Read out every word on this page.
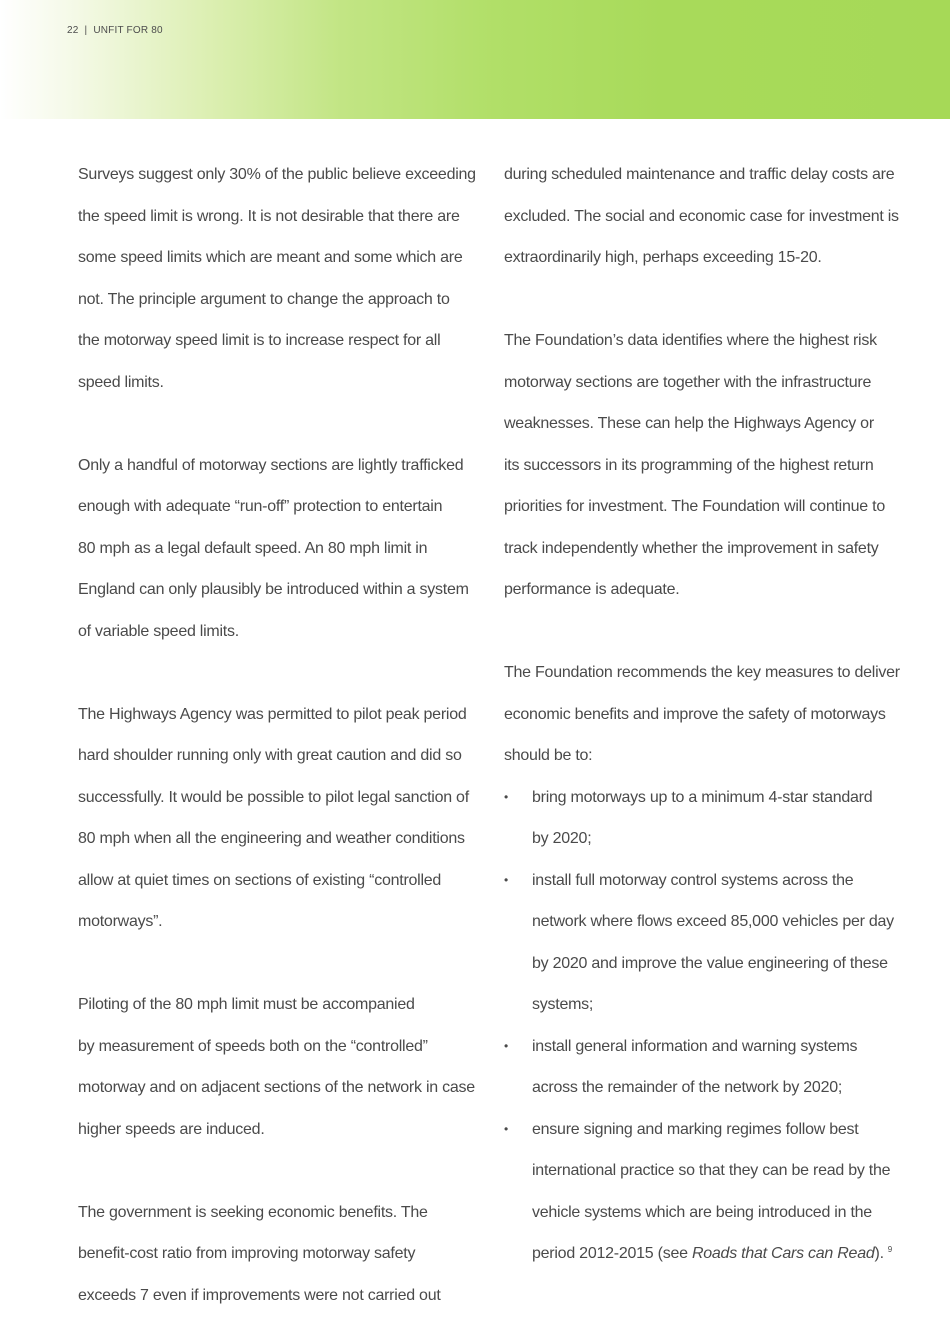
22 | UNFIT FOR 80
Surveys suggest only 30% of the public believe exceeding
the speed limit is wrong. It is not desirable that there are
some speed limits which are meant and some which are
not. The principle argument to change the approach to
the motorway speed limit is to increase respect for all
speed limits.
Only a handful of motorway sections are lightly trafficked
enough with adequate “run-off” protection to entertain
80 mph as a legal default speed. An 80 mph limit in
England can only plausibly be introduced within a system
of variable speed limits.
The Highways Agency was permitted to pilot peak period
hard shoulder running only with great caution and did so
successfully. It would be possible to pilot legal sanction of
80 mph when all the engineering and weather conditions
allow at quiet times on sections of existing “controlled
motorways”.
Piloting of the 80 mph limit must be accompanied
by measurement of speeds both on the “controlled”
motorway and on adjacent sections of the network in case
higher speeds are induced.
The government is seeking economic benefits. The
benefit-cost ratio from improving motorway safety
exceeds 7 even if improvements were not carried out
during scheduled maintenance and traffic delay costs are
excluded. The social and economic case for investment is
extraordinarily high, perhaps exceeding 15-20.
The Foundation’s data identifies where the highest risk
motorway sections are together with the infrastructure
weaknesses. These can help the Highways Agency or
its successors in its programming of the highest return
priorities for investment. The Foundation will continue to
track independently whether the improvement in safety
performance is adequate.
The Foundation recommends the key measures to deliver
economic benefits and improve the safety of motorways
should be to:
• bring motorways up to a minimum 4-star standard
by 2020;
• install full motorway control systems across the
network where flows exceed 85,000 vehicles per day
by 2020 and improve the value engineering of these
systems;
• install general information and warning systems
across the remainder of the network by 2020;
• ensure signing and marking regimes follow best
international practice so that they can be read by the
vehicle systems which are being introduced in the
period 2012-2015 (see Roads that Cars can Read). $^9$
